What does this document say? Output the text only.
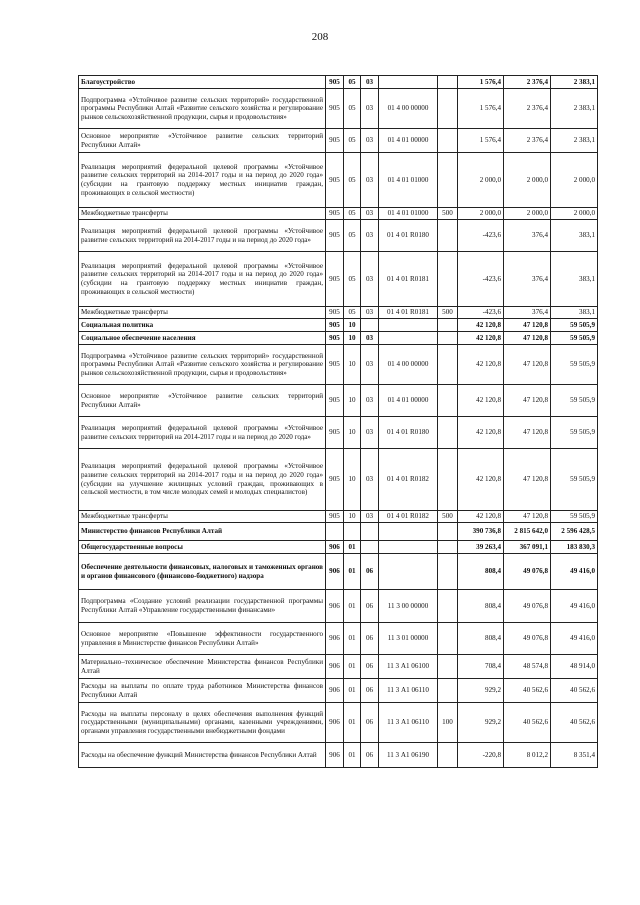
208
Благоустройство	905	05	03			1 576,4	2 376,4	2 383,1
Подпрограмма «Устойчивое развитие сельских территорий» государственной программы Республики Алтай «Развитие сельского хозяйства и регулирование рынков сельскохозяйственной продукции, сырья и продовольствия»	905	05	03	01 4 00 00000		1 576,4	2 376,4	2 383,1
Основное мероприятие «Устойчивое развитие сельских территорий Республики Алтай»	905	05	03	01 4 01 00000		1 576,4	2 376,4	2 383,1
Реализация мероприятий федеральной целевой программы «Устойчивое развитие сельских территорий на 2014-2017 годы и на период до 2020 года» (субсидии на грантовую поддержку местных инициатив граждан, проживающих в сельской местности)	905	05	03	01 4 01 01000		2 000,0	2 000,0	2 000,0
Межбюджетные трансферты	905	05	03	01 4 01 01000	500	2 000,0	2 000,0	2 000,0
Реализация мероприятий федеральной целевой программы «Устойчивое развитие сельских территорий на 2014-2017 годы и на период до 2020 года»	905	05	03	01 4 01 R0180		-423,6	376,4	383,1
Реализация мероприятий федеральной целевой программы «Устойчивое развитие сельских территорий на 2014-2017 годы и на период до 2020 года» (субсидии на грантовую поддержку местных инициатив граждан, проживающих в сельской местности)	905	05	03	01 4 01 R0181		-423,6	376,4	383,1
Межбюджетные трансферты	905	05	03	01 4 01 R0181	500	-423,6	376,4	383,1
Социальная политика	905	10				42 120,8	47 120,8	59 505,9
Социальное обеспечение населения	905	10	03			42 120,8	47 120,8	59 505,9
Подпрограмма «Устойчивое развитие сельских территорий» государственной программы Республики Алтай «Развитие сельского хозяйства и регулирование рынков сельскохозяйственной продукции, сырья и продовольствия»	905	10	03	01 4 00 00000		42 120,8	47 120,8	59 505,9
Основное мероприятие «Устойчивое развитие сельских территорий Республики Алтай»	905	10	03	01 4 01 00000		42 120,8	47 120,8	59 505,9
Реализация мероприятий федеральной целевой программы «Устойчивое развитие сельских территорий на 2014-2017 годы и на период до 2020 года»	905	10	03	01 4 01 R0180		42 120,8	47 120,8	59 505,9
Реализация мероприятий федеральной целевой программы «Устойчивое развитие сельских территорий на 2014-2017 годы и на период до 2020 года» (субсидии на улучшение жилищных условий граждан, проживающих в сельской местности, в том числе молодых семей и молодых специалистов)	905	10	03	01 4 01 R0182		42 120,8	47 120,8	59 505,9
Межбюджетные трансферты	905	10	03	01 4 01 R0182	500	42 120,8	47 120,8	59 505,9
Министерство финансов Республики Алтай						390 736,8	2 815 642,0	2 596 428,5
Общегосударственные вопросы	906	01				39 263,4	367 091,1	183 830,3
Обеспечение деятельности финансовых, налоговых и таможенных органов и органов финансового (финансово-бюджетного) надзора	906	01	06			808,4	49 076,8	49 416,0
Подпрограмма «Создание условий реализации государственной программы Республики Алтай «Управление государственными финансами»	906	01	06	11 3 00 00000		808,4	49 076,8	49 416,0
Основное мероприятие «Повышение эффективности государственного управления в Министерстве финансов Республики Алтай»	906	01	06	11 3 01 00000		808,4	49 076,8	49 416,0
Материально–техническое обеспечение Министерства финансов Республики Алтай	906	01	06	11 3 А1 06100		708,4	48 574,8	48 914,0
Расходы на выплаты по оплате труда работников Министерства финансов Республики Алтай	906	01	06	11 3 А1 06110		929,2	40 562,6	40 562,6
Расходы на выплаты персоналу в целях обеспечения выполнения функций государственными (муниципальными) органами, казенными учреждениями, органами управления государственными внебюджетными фондами	906	01	06	11 3 А1 06110	100	929,2	40 562,6	40 562,6
Расходы на обеспечение функций Министерства финансов Республики Алтай	906	01	06	11 3 А1 06190		-220,8	8 012,2	8 351,4
